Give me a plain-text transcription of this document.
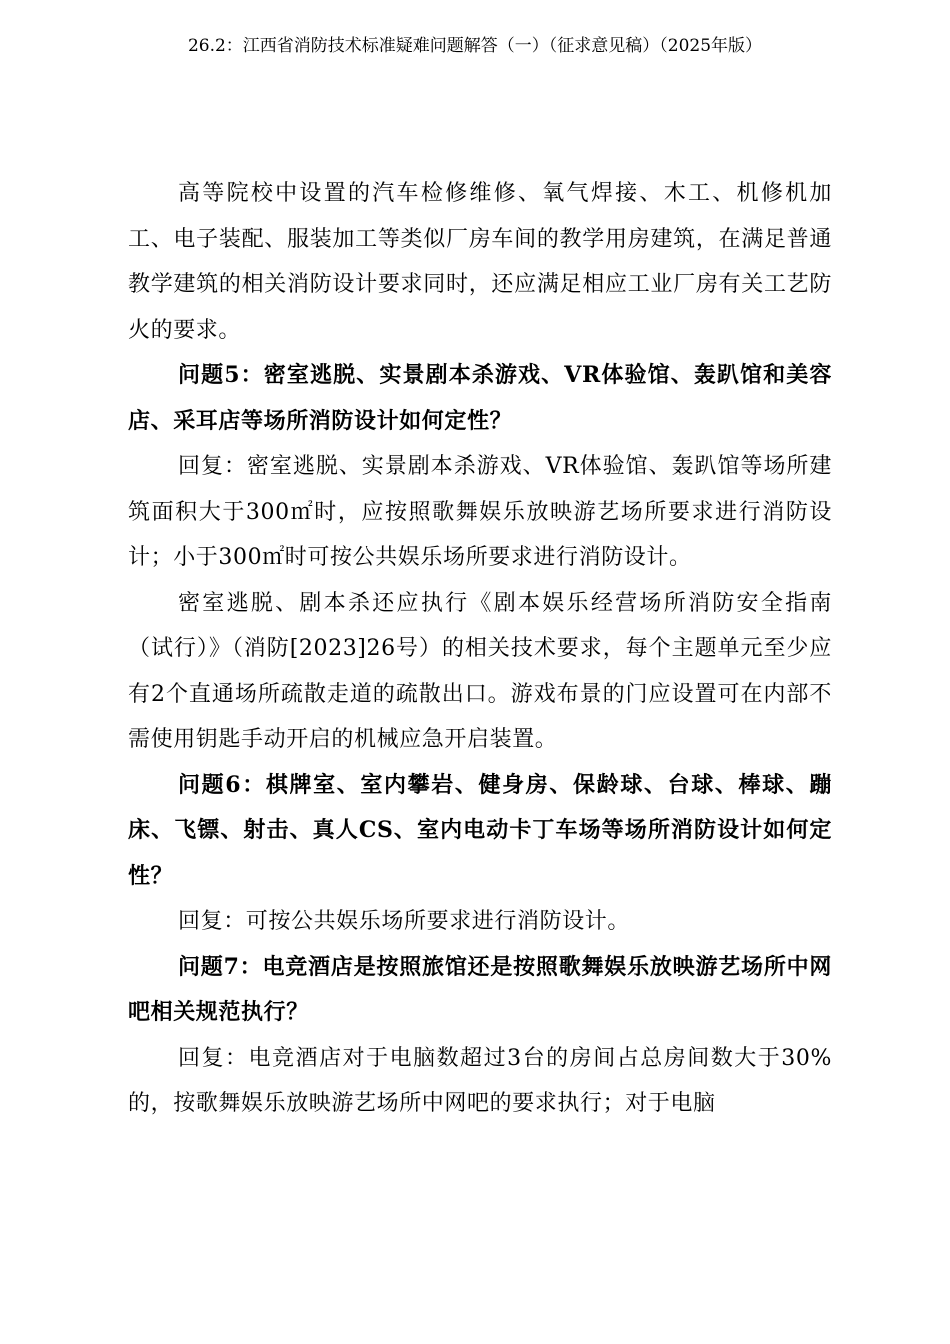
26.2：江西省消防技术标准疑难问题解答（一）（征求意见稿）（2025年版）

高等院校中设置的汽车检修维修、氧气焊接、木工、机修机加工、电子装配、服装加工等类似厂房车间的教学用房建筑，在满足普通教学建筑的相关消防设计要求同时，还应满足相应工业厂房有关工艺防火的要求。

问题5：密室逃脱、实景剧本杀游戏、VR体验馆、轰趴馆和美容店、采耳店等场所消防设计如何定性？

回复：密室逃脱、实景剧本杀游戏、VR体验馆、轰趴馆等场所建筑面积大于300㎡时，应按照歌舞娱乐放映游艺场所要求进行消防设计；小于300㎡时可按公共娱乐场所要求进行消防设计。

密室逃脱、剧本杀还应执行《剧本娱乐经营场所消防安全指南（试行）》（消防[2023]26号）的相关技术要求，每个主题单元至少应有2个直通场所疏散走道的疏散出口。游戏布景的门应设置可在内部不需使用钥匙手动开启的机械应急开启装置。

问题6：棋牌室、室内攀岩、健身房、保龄球、台球、棒球、蹦床、飞镖、射击、真人CS、室内电动卡丁车场等场所消防设计如何定性？

回复：可按公共娱乐场所要求进行消防设计。

问题7：电竞酒店是按照旅馆还是按照歌舞娱乐放映游艺场所中网吧相关规范执行？

回复：电竞酒店对于电脑数超过3台的房间占总房间数大于30%的，按歌舞娱乐放映游艺场所中网吧的要求执行；对于电脑
